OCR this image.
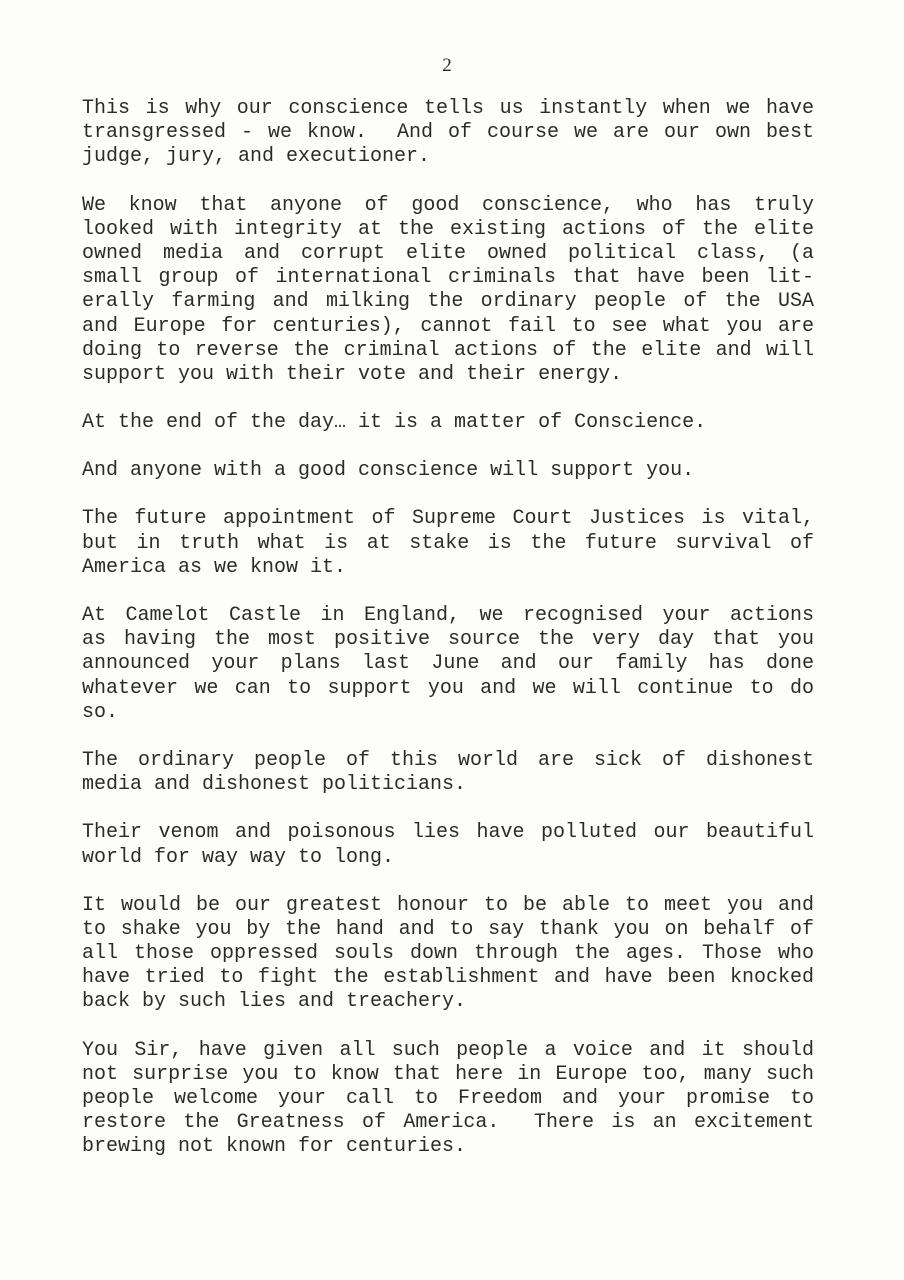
2
This is why our conscience tells us instantly when we have
transgressed - we know.  And of course we are our own best
judge, jury, and executioner.
We know that anyone of good conscience, who has truly
looked with integrity at the existing actions of the elite
owned media and corrupt elite owned political class, (a
small group of international criminals that have been lit-
erally farming and milking the ordinary people of the USA
and Europe for centuries), cannot fail to see what you are
doing to reverse the criminal actions of the elite and will
support you with their vote and their energy.
At the end of the day… it is a matter of Conscience.
And anyone with a good conscience will support you.
The future appointment of Supreme Court Justices is vital,
but in truth what is at stake is the future survival of
America as we know it.
At Camelot Castle in England, we recognised your actions
as having the most positive source the very day that you
announced your plans last June and our family has done
whatever we can to support you and we will continue to do
so.
The ordinary people of this world are sick of dishonest
media and dishonest politicians.
Their venom and poisonous lies have polluted our beautiful
world for way way to long.
It would be our greatest honour to be able to meet you and
to shake you by the hand and to say thank you on behalf of
all those oppressed souls down through the ages. Those who
have tried to fight the establishment and have been knocked
back by such lies and treachery.
You Sir, have given all such people a voice and it should
not surprise you to know that here in Europe too, many such
people welcome your call to Freedom and your promise to
restore the Greatness of America.  There is an excitement
brewing not known for centuries.
